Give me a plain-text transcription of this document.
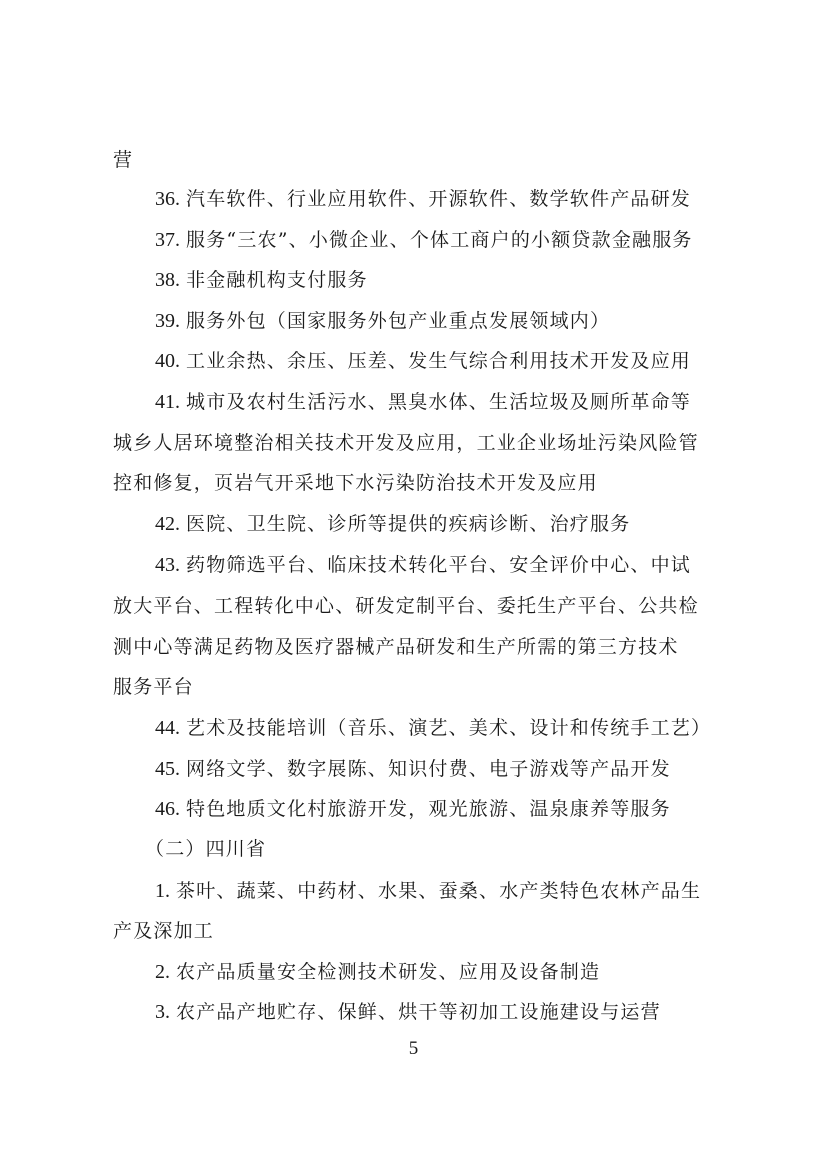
营
36. 汽车软件、行业应用软件、开源软件、数学软件产品研发
37. 服务“三农”、小微企业、个体工商户的小额贷款金融服务
38. 非金融机构支付服务
39. 服务外包（国家服务外包产业重点发展领域内）
40. 工业余热、余压、压差、发生气综合利用技术开发及应用
41. 城市及农村生活污水、黑臭水体、生活垃圾及厕所革命等
城乡人居环境整治相关技术开发及应用，工业企业场址污染风险管
控和修复，页岩气开采地下水污染防治技术开发及应用
42. 医院、卫生院、诊所等提供的疾病诊断、治疗服务
43. 药物筛选平台、临床技术转化平台、安全评价中心、中试
放大平台、工程转化中心、研发定制平台、委托生产平台、公共检
测中心等满足药物及医疗器械产品研发和生产所需的第三方技术
服务平台
44. 艺术及技能培训（音乐、演艺、美术、设计和传统手工艺）
45. 网络文学、数字展陈、知识付费、电子游戏等产品开发
46. 特色地质文化村旅游开发，观光旅游、温泉康养等服务
（二）四川省
1. 茶叶、蔬菜、中药材、水果、蚕桑、水产类特色农林产品生
产及深加工
2. 农产品质量安全检测技术研发、应用及设备制造
3. 农产品产地贮存、保鲜、烘干等初加工设施建设与运营
5
